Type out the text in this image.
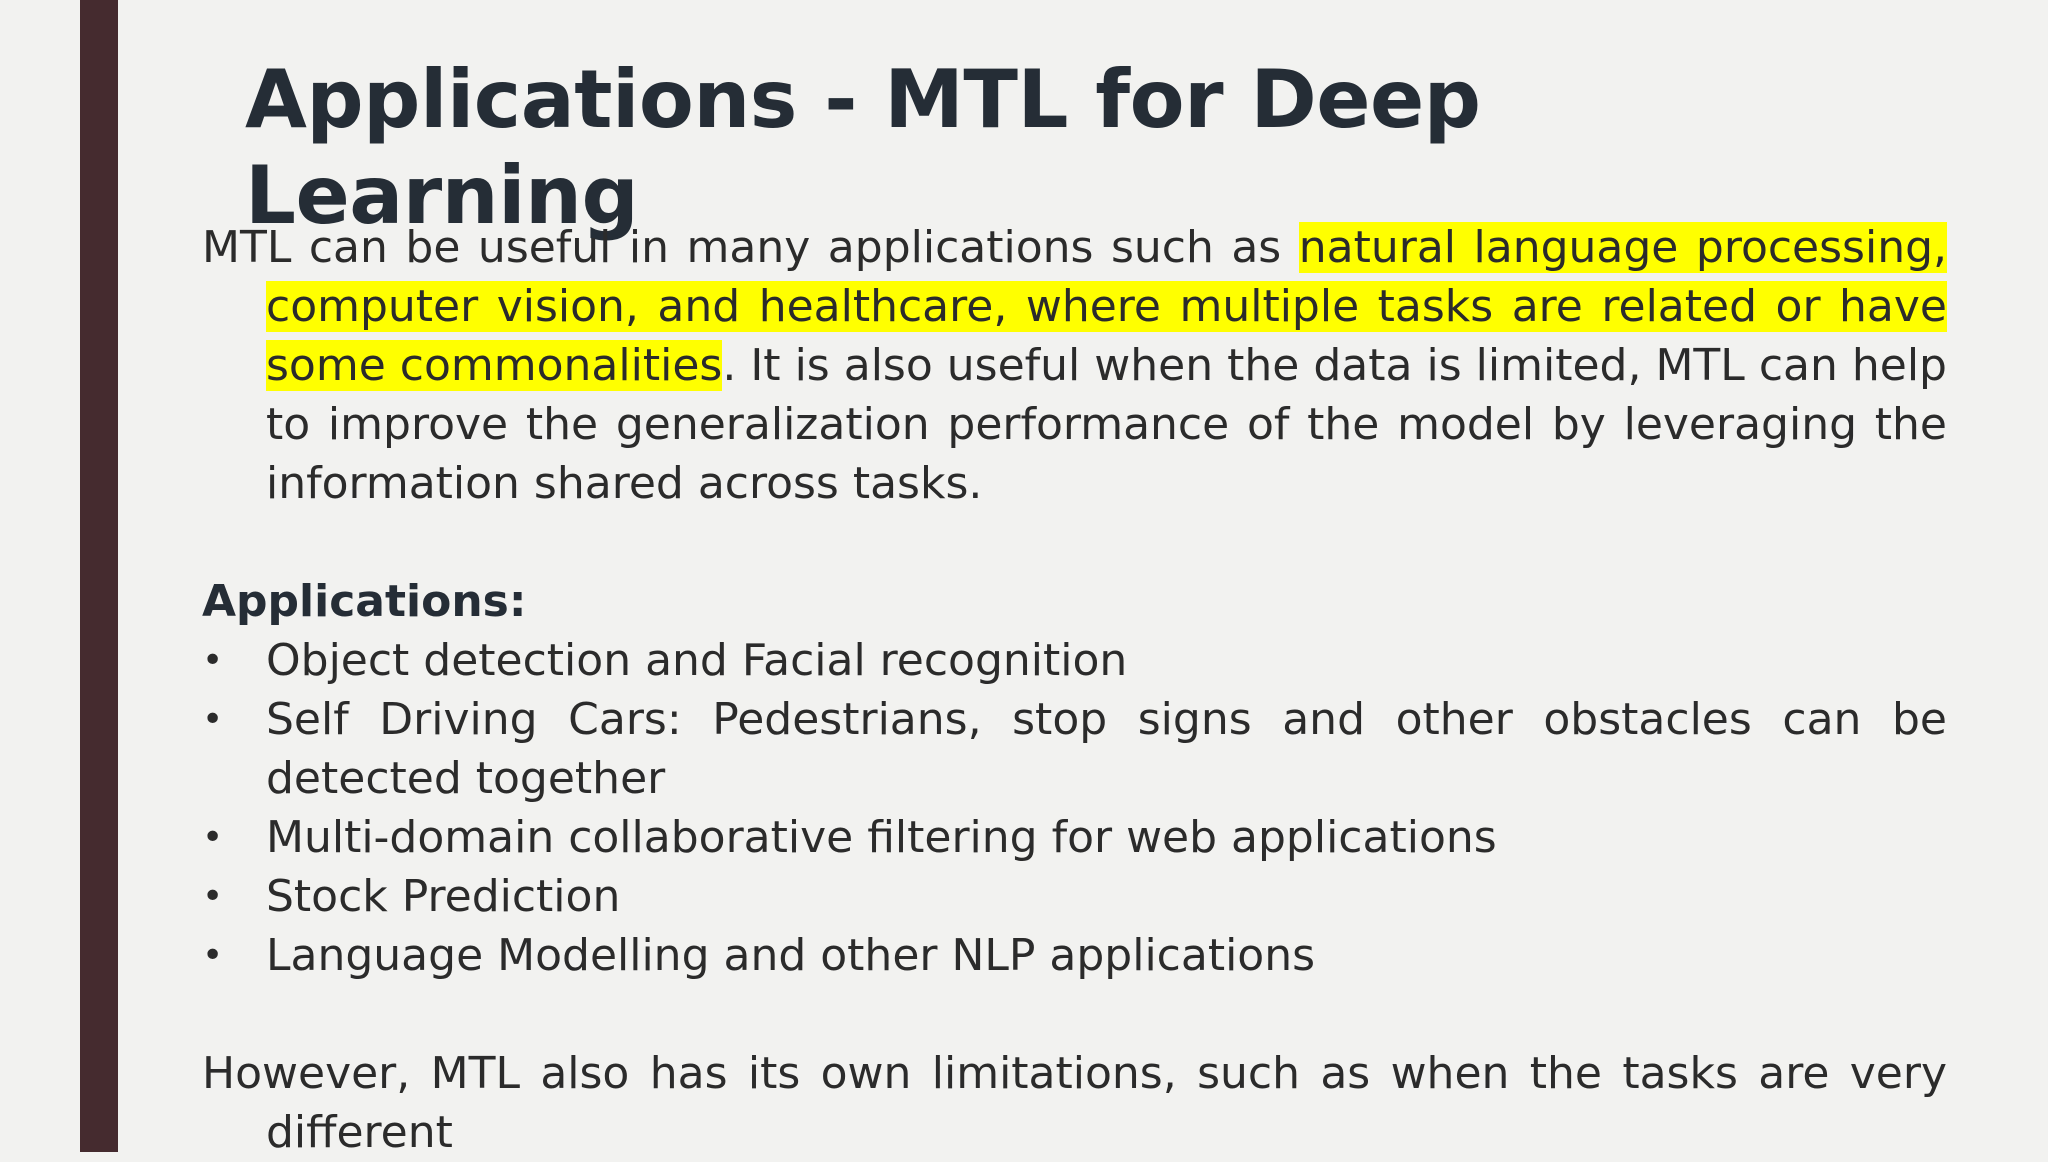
Applications - MTL for Deep Learning

MTL can be useful in many applications such as natural language processing, computer vision, and healthcare, where multiple tasks are related or have some commonalities. It is also useful when the data is limited, MTL can help to improve the generalization performance of the model by leveraging the information shared across tasks.

Applications:

• Object detection and Facial recognition
• Self Driving Cars: Pedestrians, stop signs and other obstacles can be detected together
• Multi-domain collaborative filtering for web applications
• Stock Prediction
• Language Modelling and other NLP applications

However, MTL also has its own limitations, such as when the tasks are very different
